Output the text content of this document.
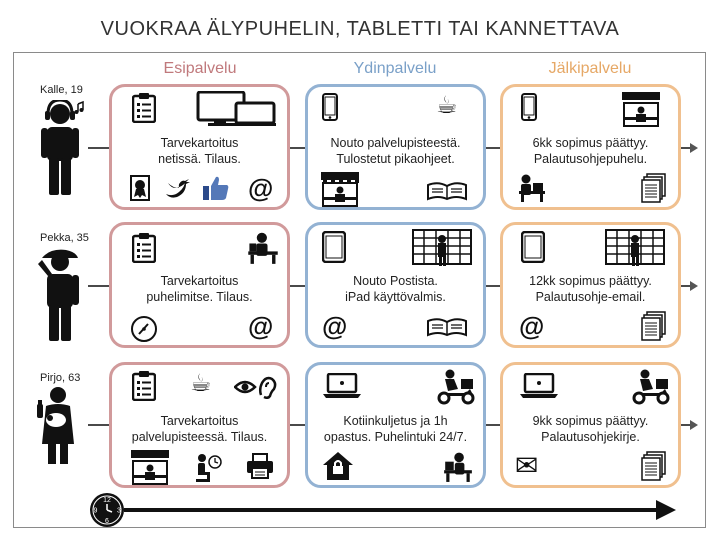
VUOKRAA ÄLYPUHELIN, TABLETTI TAI KANNETTAVA
Esipalvelu	Ydinpalvelu	Jälkipalvelu
Kalle, 19
Tarvekartoitus
netissä. Tilaus.
@
☕
Nouto palvelupisteestä.
Tulostetut pikaohjeet.
6kk sopimus päättyy.
Palautusohjepuhelu.
Pekka, 35
Tarvekartoitus
puhelimitse. Tilaus.
@
Nouto Postista.
iPad käyttövalmis.
@
12kk sopimus päättyy.
Palautusohje-email.
@
Pirjo, 63	☕
Tarvekartoitus
palvelupisteessä. Tilaus.
Kotiinkuljetus ja 1h
opastus. Puhelintuki 24/7.
9kk sopimus päättyy.
Palautusohjekirje.
✉
12
3
6
9
